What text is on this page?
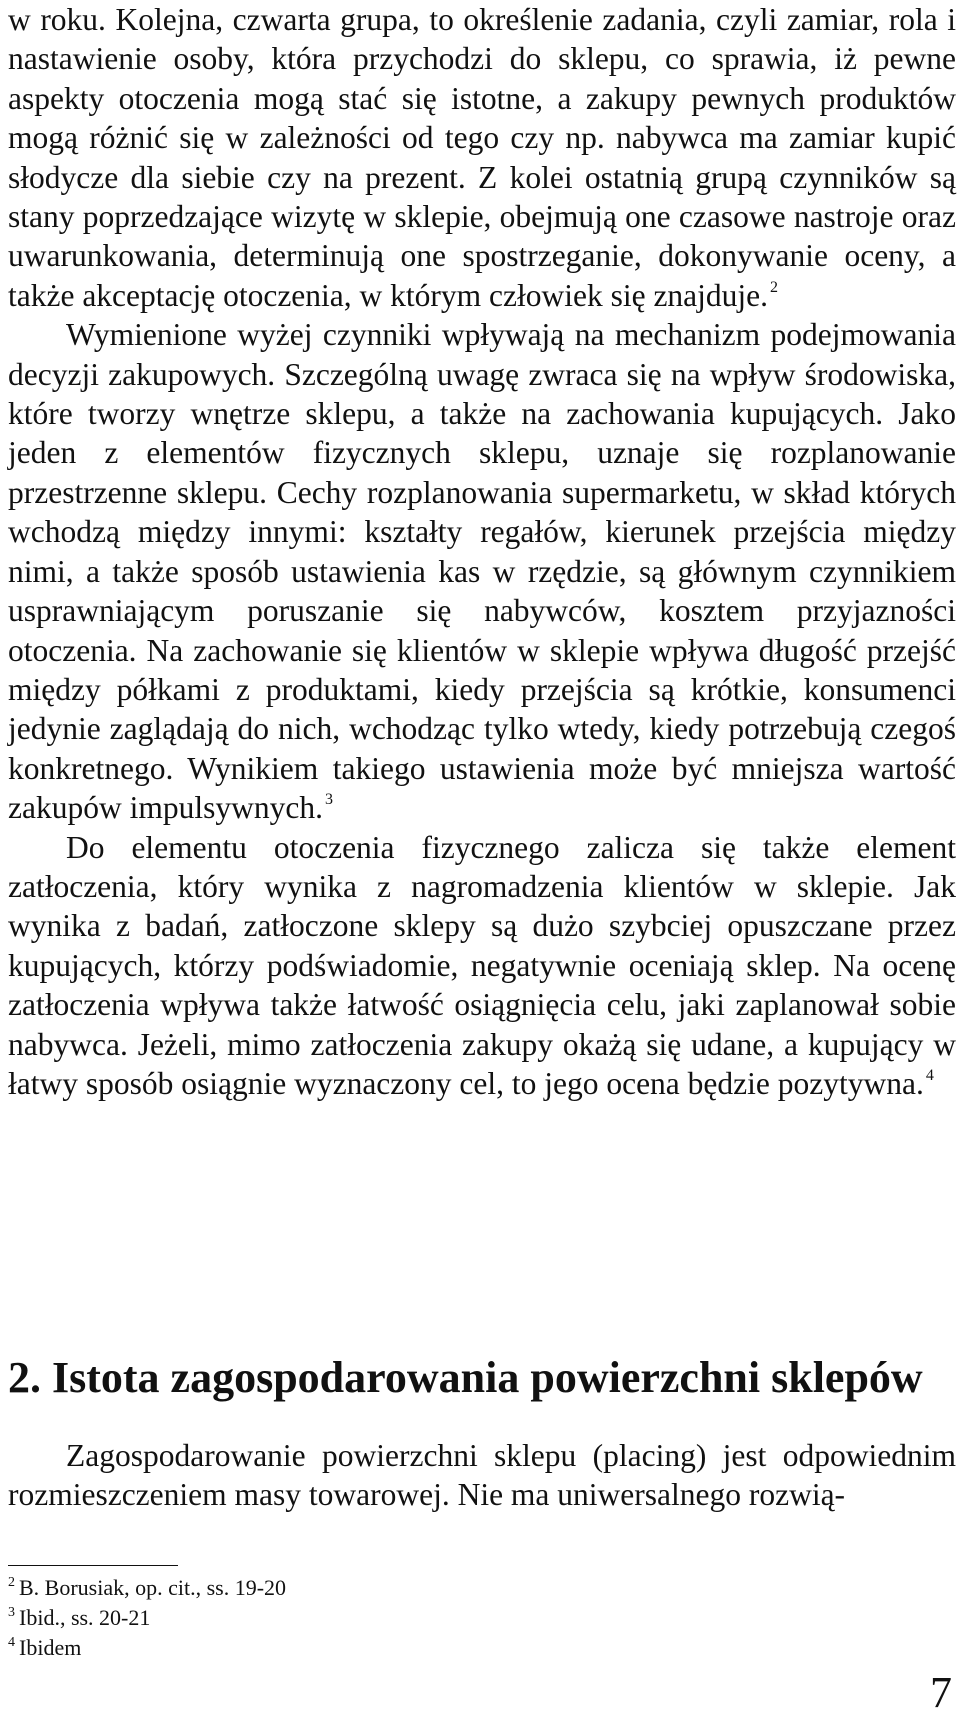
w roku. Kolejna, czwarta grupa, to określenie zadania, czyli zamiar, rola i nastawienie osoby, która przychodzi do sklepu, co sprawia, iż pewne aspekty otoczenia mogą stać się istotne, a zakupy pewnych produktów mogą różnić się w zależności od tego czy np. nabywca ma zamiar kupić słodycze dla siebie czy na prezent. Z kolei ostatnią grupą czynników są stany poprzedzające wizytę w sklepie, obejmują one czasowe nastroje oraz uwarunkowania, determinują one spostrzeganie, dokonywanie oceny, a także akceptację otoczenia, w którym człowiek się znajduje. $^2$

Wymienione wyżej czynniki wpływają na mechanizm podejmowania decyzji zakupowych. Szczególną uwagę zwraca się na wpływ środowiska, które tworzy wnętrze sklepu, a także na zachowania kupujących. Jako jeden z elementów fizycznych sklepu, uznaje się rozplanowanie przestrzenne sklepu. Cechy rozplanowania supermarketu, w skład których wchodzą między innymi: kształty regałów, kierunek przejścia między nimi, a także sposób ustawienia kas w rzędzie, są głównym czynnikiem usprawniającym poruszanie się nabywców, kosztem przyjazności otoczenia. Na zachowanie się klientów w sklepie wpływa długość przejść między półkami z produktami, kiedy przejścia są krótkie, konsumenci jedynie zaglądają do nich, wchodząc tylko wtedy, kiedy potrzebują czegoś konkretnego. Wynikiem takiego ustawienia może być mniejsza wartość zakupów impulsywnych. $^3$

Do elementu otoczenia fizycznego zalicza się także element zatłoczenia, który wynika z nagromadzenia klientów w sklepie. Jak wynika z badań, zatłoczone sklepy są dużo szybciej opuszczane przez kupujących, którzy podświadomie, negatywnie oceniają sklep. Na ocenę zatłoczenia wpływa także łatwość osiągnięcia celu, jaki zaplanował sobie nabywca. Jeżeli, mimo zatłoczenia zakupy okażą się udane, a kupujący w łatwy sposób osiągnie wyznaczony cel, to jego ocena będzie pozytywna. $^4$

2. Istota zagospodarowania powierzchni sklepów

Zagospodarowanie powierzchni sklepu (placing) jest odpowiednim rozmieszczeniem masy towarowej. Nie ma uniwersalnego rozwią-

$^2$ B. Borusiak, op. cit., ss. 19-20
$^3$ Ibid., ss. 20-21
$^4$ Ibidem
7
